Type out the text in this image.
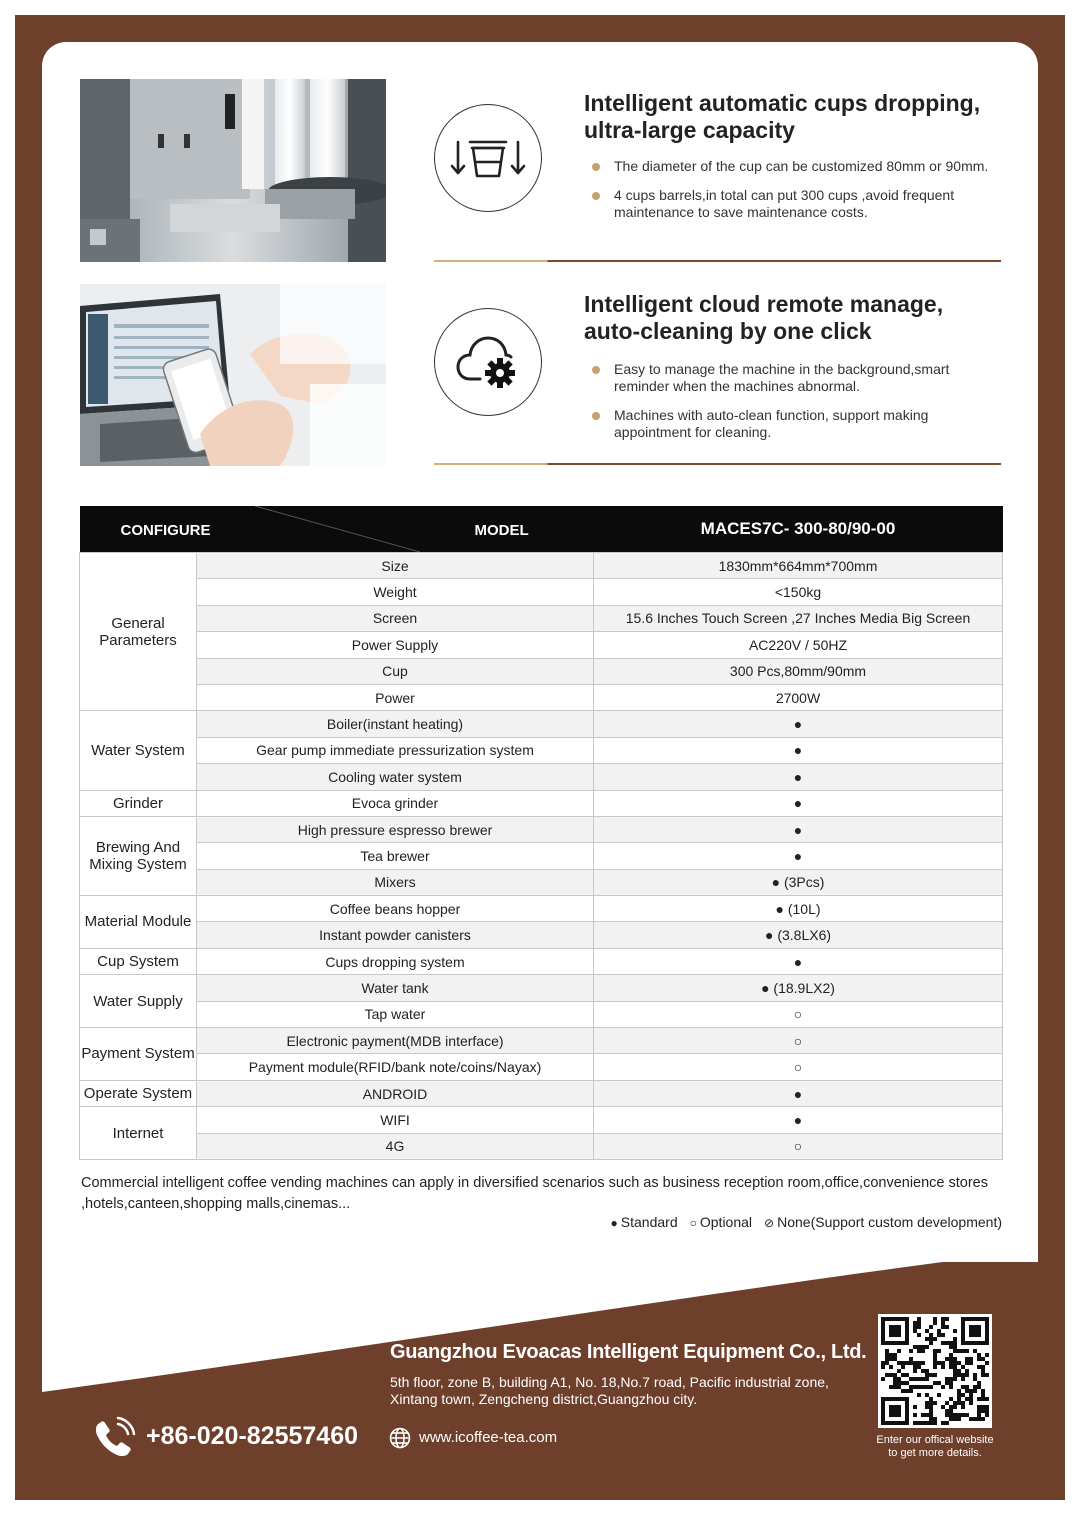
Intelligent automatic cups dropping,
ultra-large capacity
The diameter of the cup can be customized 80mm or 90mm.
4 cups barrels,in total can put 300 cups ,avoid frequent maintenance to save maintenance costs.
Intelligent cloud remote manage,
auto-cleaning by one click
Easy to manage the machine in the background,smart reminder when the machines abnormal.
Machines with auto-clean function, support making appointment for cleaning.
CONFIGURE MODEL		MACES7C- 300-80/90-00
General Parameters	Size	1830mm*664mm*700mm
	Weight	<150kg
	Screen	15.6 Inches Touch Screen ,27 Inches Media Big Screen
	Power Supply	AC220V / 50HZ
	Cup	300 Pcs,80mm/90mm
	Power	2700W
Water System	Boiler(instant heating)	●
	Gear pump immediate pressurization system	●
	Cooling water system	●
Grinder	Evoca grinder	●
Brewing And Mixing System	High pressure espresso brewer	●
	Tea brewer	●
	Mixers	● (3Pcs)
Material Module	Coffee beans hopper	● (10L)
	Instant powder canisters	● (3.8LX6)
Cup System	Cups dropping system	●
Water Supply	Water tank	● (18.9LX2)
	Tap water	○
Payment System	Electronic payment(MDB interface)	○
	Payment module(RFID/bank note/coins/Nayax)	○
Operate System	ANDROID	●
Internet	WIFI	●
	4G	○

Commercial intelligent coffee vending machines can apply in diversified scenarios such as business reception room,office,convenience stores ,hotels,canteen,shopping malls,cinemas...

● Standard ○ Optional ⊘ None(Support custom development)

Guangzhou Evoacas Intelligent Equipment Co., Ltd.

5th floor, zone B, building A1, No. 18,No.7 road, Pacific industrial zone,
Xintang town, Zengcheng district,Guangzhou city.

+86-020-82557460	www.icoffee-tea.com	Enter our offical website
to get more details.
